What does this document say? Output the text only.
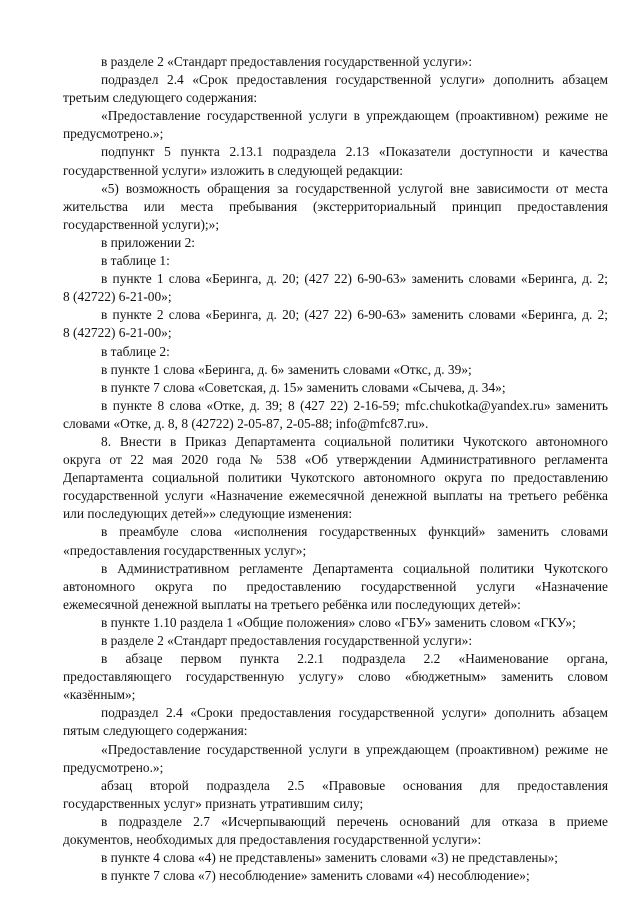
в разделе 2 «Стандарт предоставления государственной услуги»:
подраздел 2.4 «Срок предоставления государственной услуги» дополнить абзацем
третьим следующего содержания:
«Предоставление государственной услуги в упреждающем (проактивном) режиме не
предусмотрено.»;
подпункт 5 пункта 2.13.1 подраздела 2.13 «Показатели доступности и качества
государственной услуги» изложить в следующей редакции:
«5) возможность обращения за государственной услугой вне зависимости от места
жительства или места пребывания (экстерриториальный принцип предоставления
государственной услуги);»;
в приложении 2:
в таблице 1:
в пункте 1 слова «Беринга, д. 20; (427 22) 6-90-63» заменить словами «Беринга, д. 2;
8 (42722) 6-21-00»;
в пункте 2 слова «Беринга, д. 20; (427 22) 6-90-63» заменить словами «Беринга, д. 2;
8 (42722) 6-21-00»;
в таблице 2:
в пункте 1 слова «Беринга, д. 6» заменить словами «Откс, д. 39»;
в пункте 7 слова «Советская, д. 15» заменить словами «Сычева, д. 34»;
в пункте 8 слова «Отке, д. 39; 8 (427 22) 2-16-59; mfc.chukotka@yandex.ru» заменить
словами «Отке, д. 8, 8 (42722) 2-05-87, 2-05-88; info@mfc87.ru».
8. Внести в Приказ Департамента социальной политики Чукотского автономного
округа от 22 мая 2020 года № 538 «Об утверждении Административного регламента
Департамента социальной политики Чукотского автономного округа по предоставлению
государственной услуги «Назначение ежемесячной денежной выплаты на третьего ребёнка
или последующих детей»» следующие изменения:
в преамбуле слова «исполнения государственных функций» заменить словами
«предоставления государственных услуг»;
в Административном регламенте Департамента социальной политики Чукотского
автономного округа по предоставлению государственной услуги «Назначение
ежемесячной денежной выплаты на третьего ребёнка или последующих детей»:
в пункте 1.10 раздела 1 «Общие положения» слово «ГБУ» заменить словом «ГКУ»;
в разделе 2 «Стандарт предоставления государственной услуги»:
в абзаце первом пункта 2.2.1 подраздела 2.2 «Наименование органа,
предоставляющего государственную услугу» слово «бюджетным» заменить словом
«казённым»;
подраздел 2.4 «Сроки предоставления государственной услуги» дополнить абзацем
пятым следующего содержания:
«Предоставление государственной услуги в упреждающем (проактивном) режиме не
предусмотрено.»;
абзац второй подраздела 2.5 «Правовые основания для предоставления
государственных услуг» признать утратившим силу;
в подразделе 2.7 «Исчерпывающий перечень оснований для отказа в приеме
документов, необходимых для предоставления государственной услуги»:
в пункте 4 слова «4) не представлены» заменить словами «3) не представлены»;
в пункте 7 слова «7) несоблюдение» заменить словами «4) несоблюдение»;
